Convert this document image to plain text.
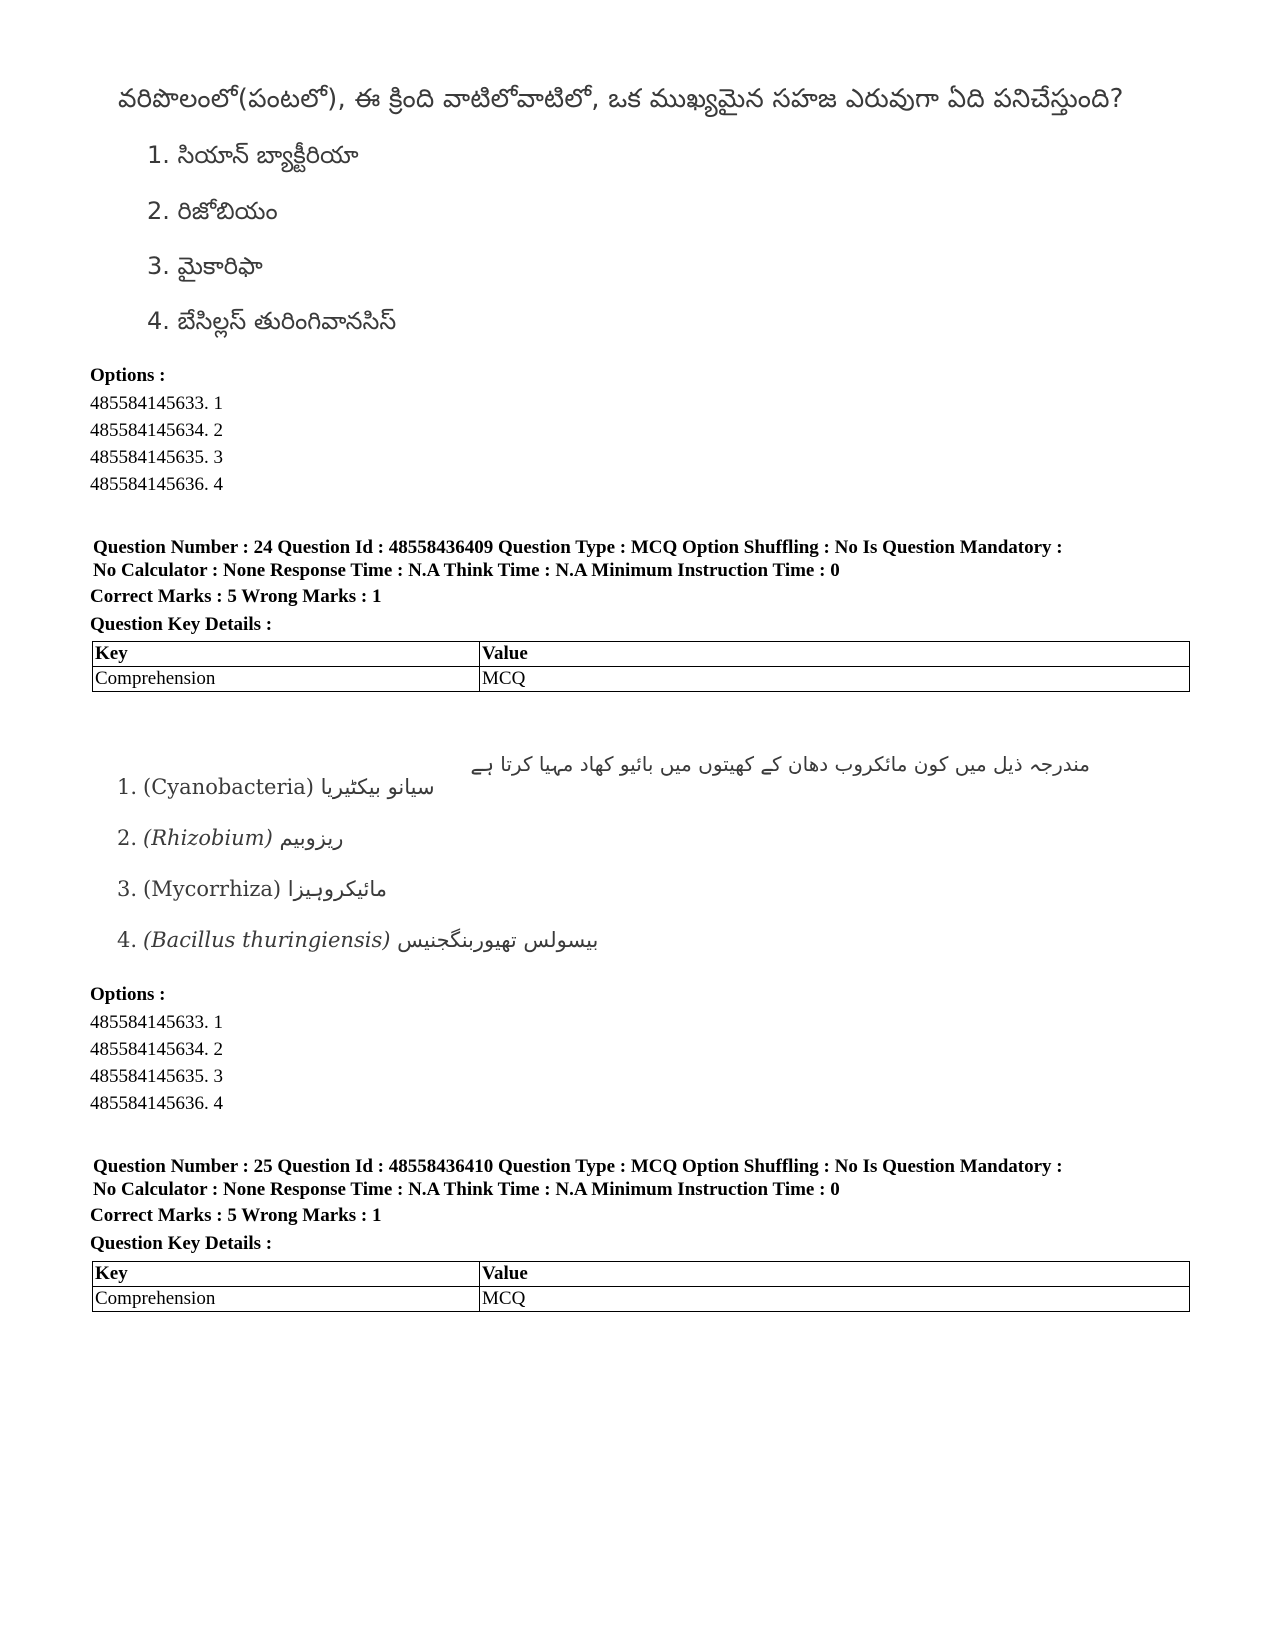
వరిపొలంలో(పంటలో), ఈ క్రింది వాటిలోవాటిలో, ఒక ముఖ్యమైన సహజ ఎరువుగా ఏది పనిచేస్తుంది?
1. సియాన్ బ్యాక్టీరియా
2. రిజోబియం
3. మైకారిఫా
4. బేసిల్లస్ తురింగివానసిస్
Options :
485584145633. 1
485584145634. 2
485584145635. 3
485584145636. 4
Question Number : 24 Question Id : 48558436409 Question Type : MCQ Option Shuffling : No Is Question Mandatory :
No Calculator : None Response Time : N.A Think Time : N.A Minimum Instruction Time : 0
Correct Marks : 5 Wrong Marks : 1
Question Key Details :
Key	Value
Comprehension	MCQ
مندرجہ ذیل میں کون مائکروب دھان کے کھیتوں میں بائیو کھاد مہیا کرتا ہے
1. (Cyanobacteria) سیانو بیکٹیریا
2. (Rhizobium) ریزوبیم
3. (Mycorrhiza) مائیکروہیزا
4. (Bacillus thuringiensis) بیسولس تھیوربنگجنیس
Options :
485584145633. 1
485584145634. 2
485584145635. 3
485584145636. 4
Question Number : 25 Question Id : 48558436410 Question Type : MCQ Option Shuffling : No Is Question Mandatory :
No Calculator : None Response Time : N.A Think Time : N.A Minimum Instruction Time : 0
Correct Marks : 5 Wrong Marks : 1
Question Key Details :
Key	Value
Comprehension	MCQ
